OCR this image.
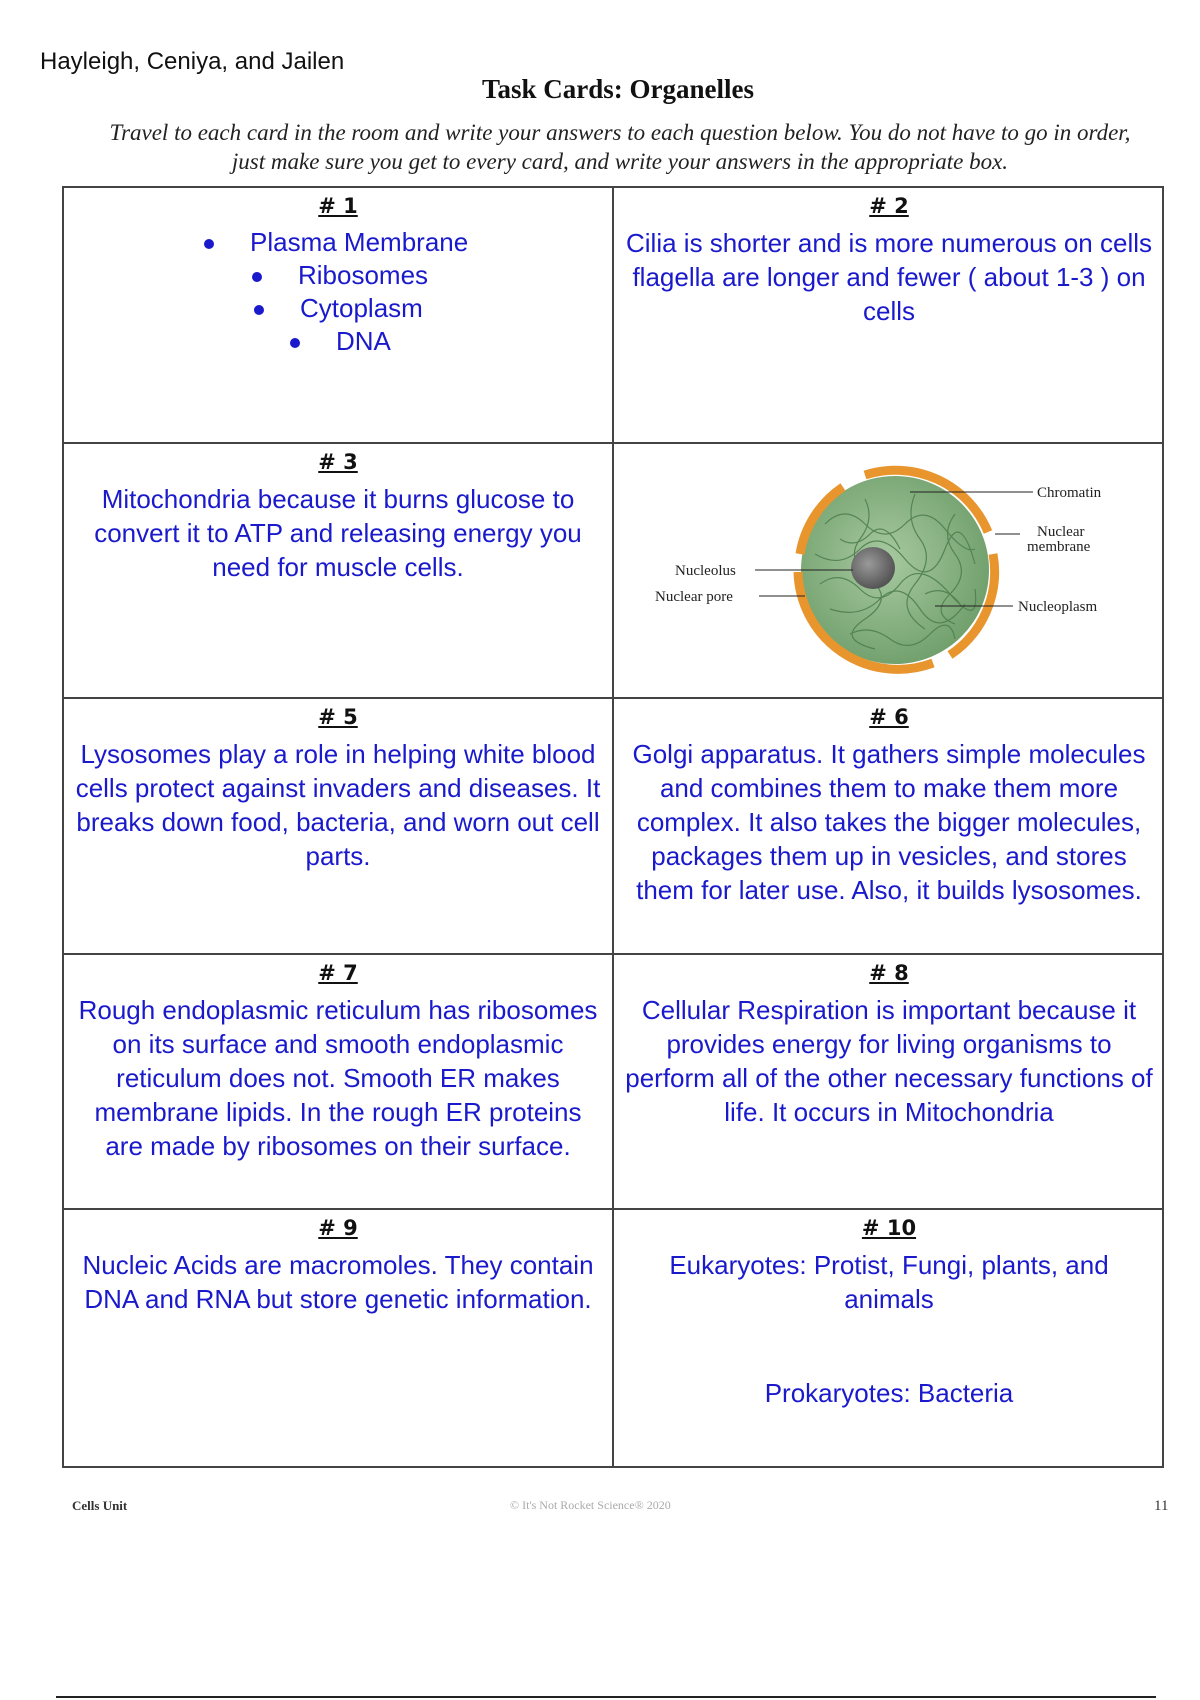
Hayleigh, Ceniya, and Jailen
Task Cards: Organelles
Travel to each card in the room and write your answers to each question below. You do not have to go in order, just make sure you get to every card, and write your answers in the appropriate box.
# 1
Plasma Membrane
Ribosomes
Cytoplasm
DNA
# 2
Cilia is shorter and is more numerous on cells flagella are longer and fewer ( about 1-3 ) on cells
# 3
Mitochondria because it burns glucose to convert it to ATP and releasing energy you need for muscle cells.
Chromatin
Nuclear
membrane
Nucleoplasm
Nucleolus
Nuclear pore
# 5
Lysosomes play a role in helping white blood cells protect against invaders and diseases. It breaks down food, bacteria, and worn out cell parts.
# 6
Golgi apparatus. It gathers simple molecules and combines them to make them more complex. It also takes the bigger molecules, packages them up in vesicles, and stores them for later use. Also, it builds lysosomes.
# 7
Rough endoplasmic reticulum has ribosomes on its surface and smooth endoplasmic reticulum does not. Smooth ER makes membrane lipids. In the rough ER proteins are made by ribosomes on their surface.
# 8
Cellular Respiration is important because it provides energy for living organisms to perform all of the other necessary functions of life. It occurs in Mitochondria
# 9
Nucleic Acids are macromoles. They contain DNA and RNA but store genetic information.
# 10

Eukaryotes: Protist, Fungi, plants, and animals

Prokaryotes: Bacteria

Cells Unit	© It's Not Rocket Science® 2020	11
